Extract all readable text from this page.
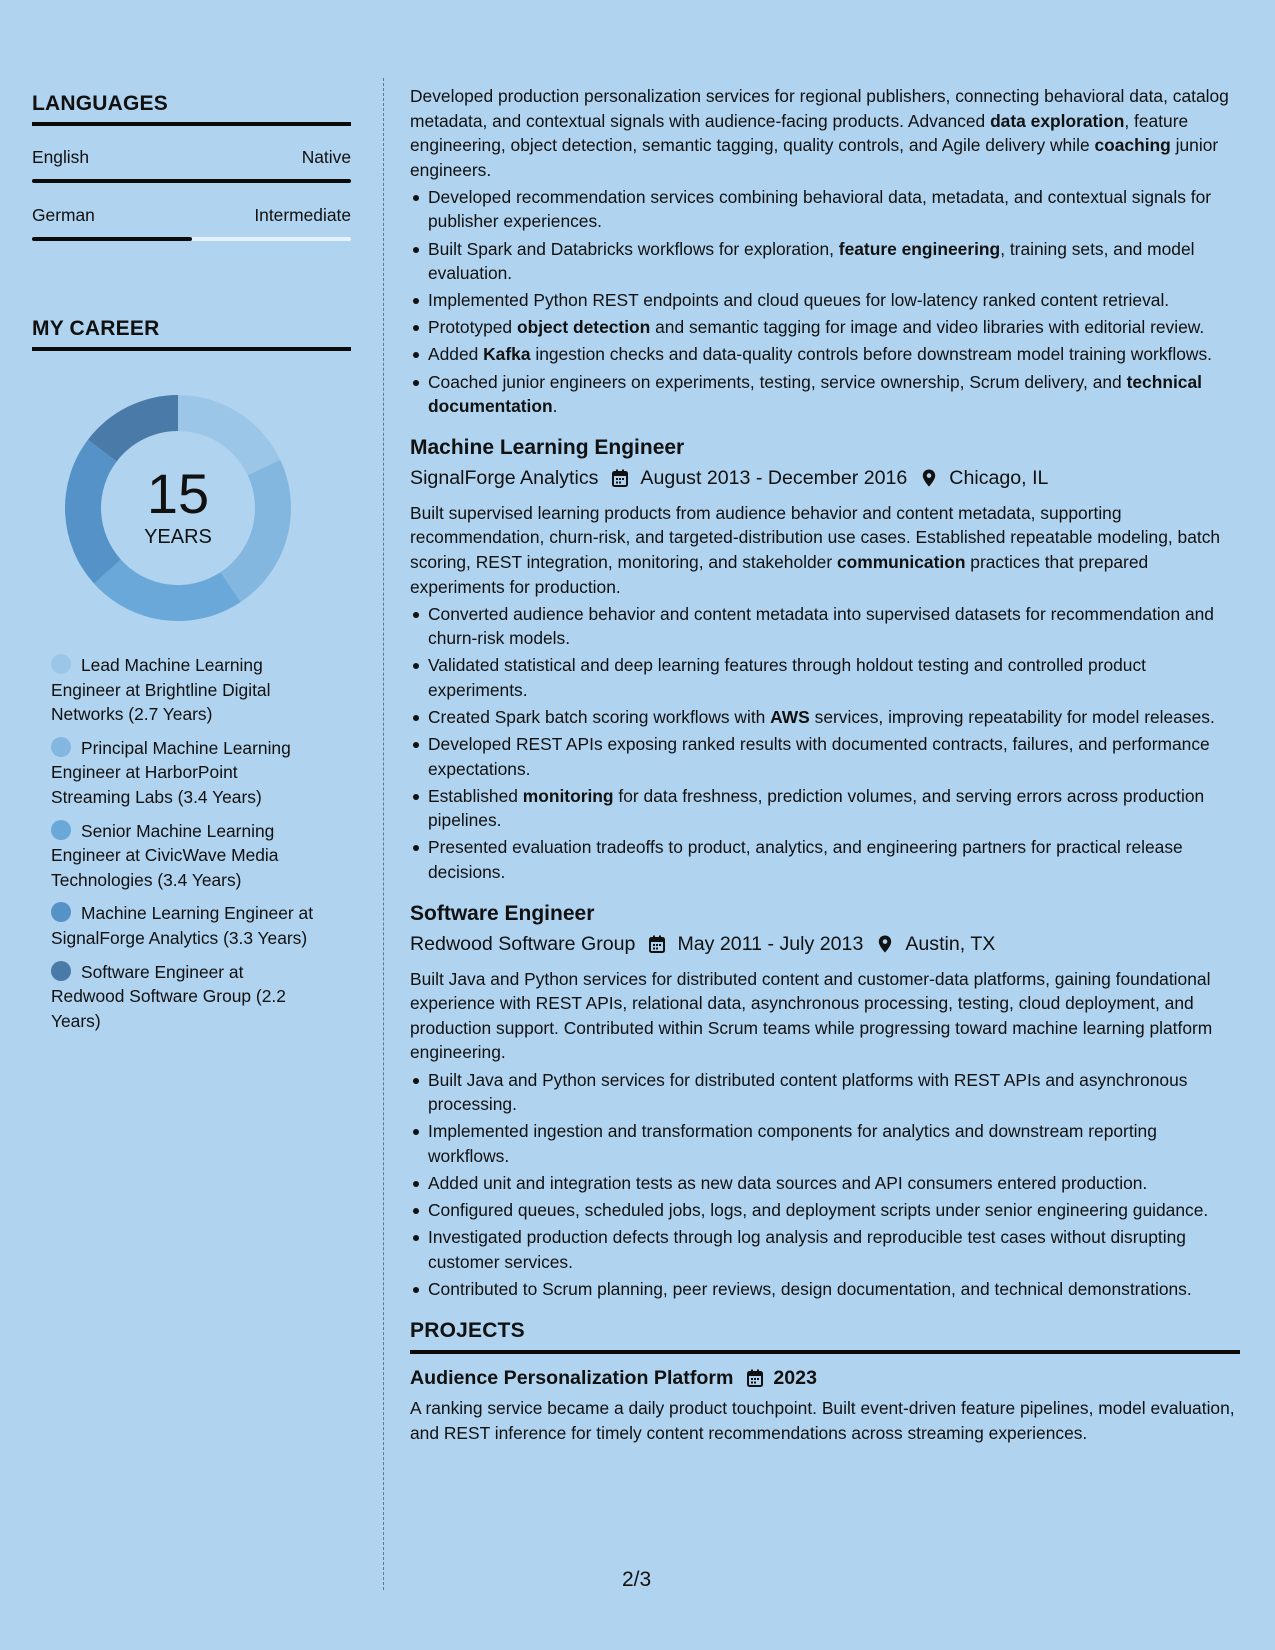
LANGUAGES
English	Native
German	Intermediate
MY CAREER
15
YEARS
Lead Machine Learning Engineer at Brightline Digital Networks (2.7 Years)
Principal Machine Learning Engineer at HarborPoint Streaming Labs (3.4 Years)
Senior Machine Learning Engineer at CivicWave Media Technologies (3.4 Years)
Machine Learning Engineer at SignalForge Analytics (3.3 Years)
Software Engineer at Redwood Software Group (2.2 Years)

Developed production personalization services for regional publishers, connecting behavioral data, catalog metadata, and contextual signals with audience-facing products. Advanced data exploration, feature engineering, object detection, semantic tagging, quality controls, and Agile delivery while coaching junior engineers.

Developed recommendation services combining behavioral data, metadata, and contextual signals for publisher experiences.
Built Spark and Databricks workflows for exploration, feature engineering, training sets, and model evaluation.
Implemented Python REST endpoints and cloud queues for low-latency ranked content retrieval.
Prototyped object detection and semantic tagging for image and video libraries with editorial review.
Added Kafka ingestion checks and data-quality controls before downstream model training workflows.
Coached junior engineers on experiments, testing, service ownership, Scrum delivery, and technical documentation.
Machine Learning Engineer
SignalForge Analytics August 2013 - December 2016 Chicago, IL

Built supervised learning products from audience behavior and content metadata, supporting recommendation, churn-risk, and targeted-distribution use cases. Established repeatable modeling, batch scoring, REST integration, monitoring, and stakeholder communication practices that prepared experiments for production.

Converted audience behavior and content metadata into supervised datasets for recommendation and churn-risk models.
Validated statistical and deep learning features through holdout testing and controlled product experiments.
Created Spark batch scoring workflows with AWS services, improving repeatability for model releases.
Developed REST APIs exposing ranked results with documented contracts, failures, and performance expectations.
Established monitoring for data freshness, prediction volumes, and serving errors across production pipelines.
Presented evaluation tradeoffs to product, analytics, and engineering partners for practical release decisions.
Software Engineer
Redwood Software Group May 2011 - July 2013 Austin, TX

Built Java and Python services for distributed content and customer-data platforms, gaining foundational experience with REST APIs, relational data, asynchronous processing, testing, cloud deployment, and production support. Contributed within Scrum teams while progressing toward machine learning platform engineering.

Built Java and Python services for distributed content platforms with REST APIs and asynchronous processing.
Implemented ingestion and transformation components for analytics and downstream reporting workflows.
Added unit and integration tests as new data sources and API consumers entered production.
Configured queues, scheduled jobs, logs, and deployment scripts under senior engineering guidance.
Investigated production defects through log analysis and reproducible test cases without disrupting customer services.
Contributed to Scrum planning, peer reviews, design documentation, and technical demonstrations.
PROJECTS
Audience Personalization Platform 2023

A ranking service became a daily product touchpoint. Built event-driven feature pipelines, model evaluation, and REST inference for timely content recommendations across streaming experiences.

2/3
